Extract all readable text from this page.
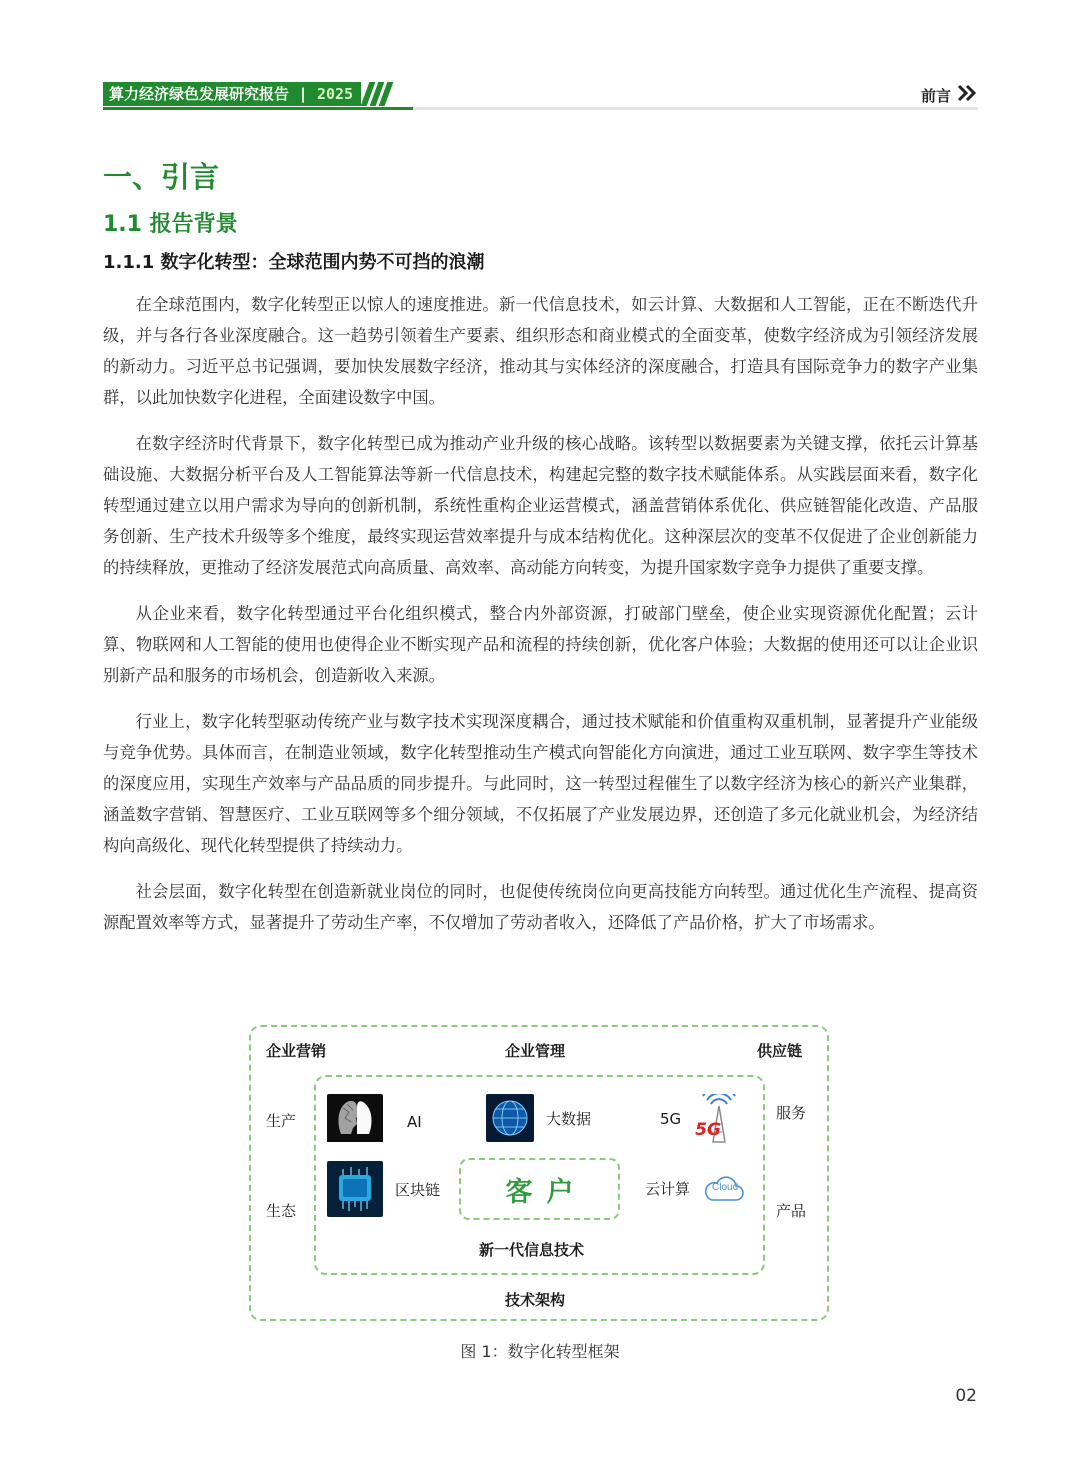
算力经济绿色发展研究报告 | 2025	前言
一、引言
1.1 报告背景
1.1.1 数字化转型：全球范围内势不可挡的浪潮

在全球范围内，数字化转型正以惊人的速度推进。新一代信息技术，如云计算、大数据和人工智能，正在不断迭代升级，并与各行各业深度融合。这一趋势引领着生产要素、组织形态和商业模式的全面变革，使数字经济成为引领经济发展的新动力。习近平总书记强调，要加快发展数字经济，推动其与实体经济的深度融合，打造具有国际竞争力的数字产业集群，以此加快数字化进程，全面建设数字中国。

在数字经济时代背景下，数字化转型已成为推动产业升级的核心战略。该转型以数据要素为关键支撑，依托云计算基础设施、大数据分析平台及人工智能算法等新一代信息技术，构建起完整的数字技术赋能体系。从实践层面来看，数字化转型通过建立以用户需求为导向的创新机制，系统性重构企业运营模式，涵盖营销体系优化、供应链智能化改造、产品服务创新、生产技术升级等多个维度，最终实现运营效率提升与成本结构优化。这种深层次的变革不仅促进了企业创新能力的持续释放，更推动了经济发展范式向高质量、高效率、高动能方向转变，为提升国家数字竞争力提供了重要支撑。

从企业来看，数字化转型通过平台化组织模式，整合内外部资源，打破部门壁垒，使企业实现资源优化配置；云计算、物联网和人工智能的使用也使得企业不断实现产品和流程的持续创新，优化客户体验；大数据的使用还可以让企业识别新产品和服务的市场机会，创造新收入来源。

行业上，数字化转型驱动传统产业与数字技术实现深度耦合，通过技术赋能和价值重构双重机制，显著提升产业能级与竞争优势。具体而言，在制造业领域，数字化转型推动生产模式向智能化方向演进，通过工业互联网、数字孪生等技术的深度应用，实现生产效率与产品品质的同步提升。与此同时，这一转型过程催生了以数字经济为核心的新兴产业集群，涵盖数字营销、智慧医疗、工业互联网等多个细分领域，不仅拓展了产业发展边界，还创造了多元化就业机会，为经济结构向高级化、现代化转型提供了持续动力。

社会层面，数字化转型在创造新就业岗位的同时，也促使传统岗位向更高技能方向转型。通过优化生产流程、提高资源配置效率等方式，显著提升了劳动生产率，不仅增加了劳动者收入，还降低了产品价格，扩大了市场需求。

客户
企业营销	企业管理	供应链
生产
生态
服务
产品
技术架构
新一代信息技术
AI	大数据	5G
5G
区块链	云计算 Cloud
图 1：数字化转型框架
02
